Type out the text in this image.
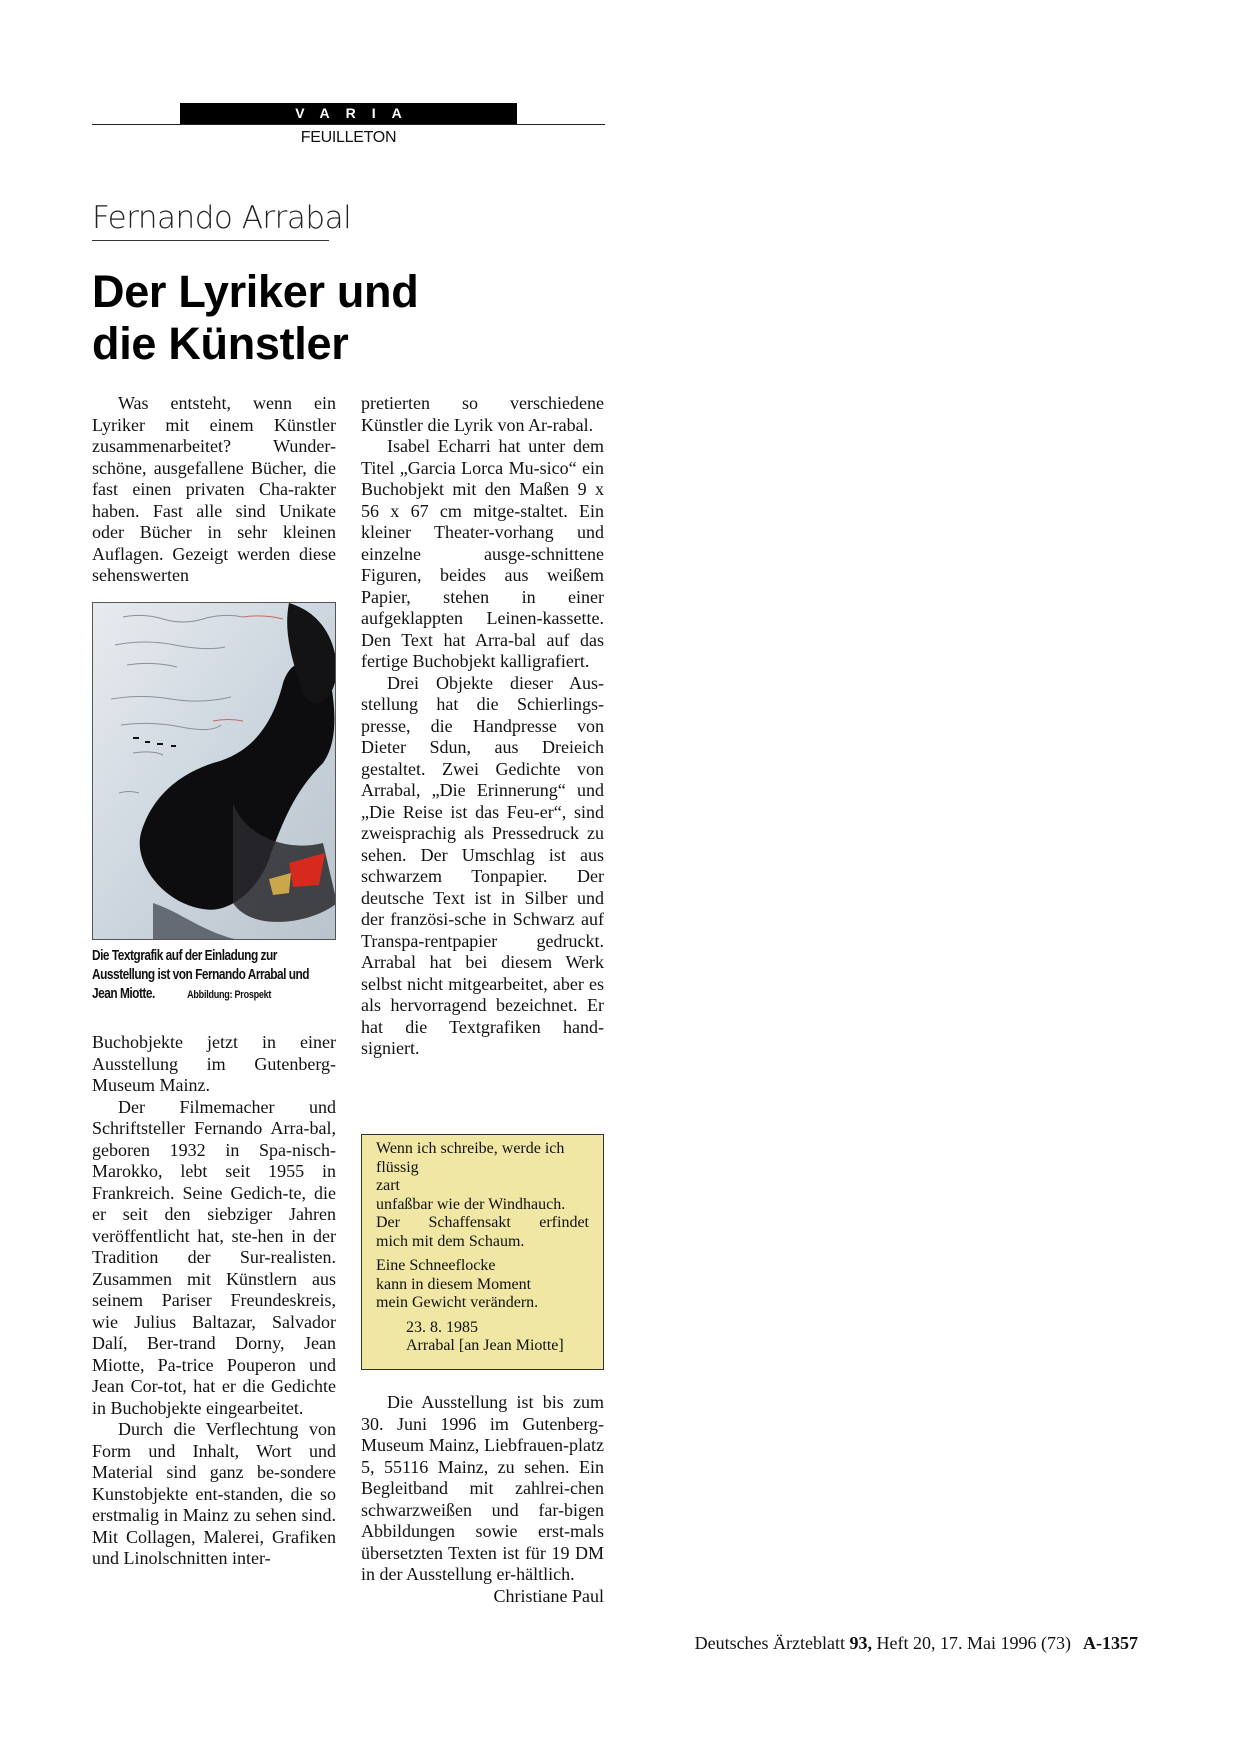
VARIA
FEUILLETON
Fernando Arrabal
Der Lyriker und
die Künstler

Was entsteht, wenn ein Lyriker mit einem Künstler zusammenarbeitet? Wunder-schöne, ausgefallene Bücher, die fast einen privaten Cha-rakter haben. Fast alle sind Unikate oder Bücher in sehr kleinen Auflagen. Gezeigt werden diese sehenswerten

Die Textgrafik auf der Einladung zur Ausstellung ist von Fernando Arrabal und Jean Miotte.	Abbildung: Prospekt

Buchobjekte jetzt in einer Ausstellung im Gutenberg-Museum Mainz.

Der Filmemacher und Schriftsteller Fernando Arra-bal, geboren 1932 in Spa-nisch-Marokko, lebt seit 1955 in Frankreich. Seine Gedich-te, die er seit den siebziger Jahren veröffentlicht hat, ste-hen in der Tradition der Sur-realisten. Zusammen mit Künstlern aus seinem Pariser Freundeskreis, wie Julius Baltazar, Salvador Dalí, Ber-trand Dorny, Jean Miotte, Pa-trice Pouperon und Jean Cor-tot, hat er die Gedichte in Buchobjekte eingearbeitet.

Durch die Verflechtung von Form und Inhalt, Wort und Material sind ganz be-sondere Kunstobjekte ent-standen, die so erstmalig in Mainz zu sehen sind. Mit Collagen, Malerei, Grafiken und Linolschnitten inter-

pretierten so verschiedene Künstler die Lyrik von Ar-rabal.

Isabel Echarri hat unter dem Titel „Garcia Lorca Mu-sico“ ein Buchobjekt mit den Maßen 9 x 56 x 67 cm mitge-staltet. Ein kleiner Theater-vorhang und einzelne ausge-schnittene Figuren, beides aus weißem Papier, stehen in einer aufgeklappten Leinen-kassette. Den Text hat Arra-bal auf das fertige Buchobjekt kalligrafiert.

Drei Objekte dieser Aus-stellung hat die Schierlings-presse, die Handpresse von Dieter Sdun, aus Dreieich gestaltet. Zwei Gedichte von Arrabal, „Die Erinnerung“ und „Die Reise ist das Feu-er“, sind zweisprachig als Pressedruck zu sehen. Der Umschlag ist aus schwarzem Tonpapier. Der deutsche Text ist in Silber und der französi-sche in Schwarz auf Transpa-rentpapier gedruckt. Arrabal hat bei diesem Werk selbst nicht mitgearbeitet, aber es als hervorragend bezeichnet. Er hat die Textgrafiken hand-signiert.

Wenn ich schreibe, werde ich
flüssig
zart
unfaßbar wie der Windhauch.
Der Schaffensakt erfindet
mich mit dem Schaum.
Eine Schneeflocke
kann in diesem Moment
mein Gewicht verändern.
23. 8. 1985
Arrabal [an Jean Miotte]

Die Ausstellung ist bis zum 30. Juni 1996 im Gutenberg-Museum Mainz, Liebfrauen-platz 5, 55116 Mainz, zu sehen. Ein Begleitband mit zahlrei-chen schwarzweißen und far-bigen Abbildungen sowie erst-mals übersetzten Texten ist für 19 DM in der Ausstellung er-hältlich.
Christiane Paul

Deutsches Ärzteblatt 93, Heft 20, 17. Mai 1996 (73) A-1357
